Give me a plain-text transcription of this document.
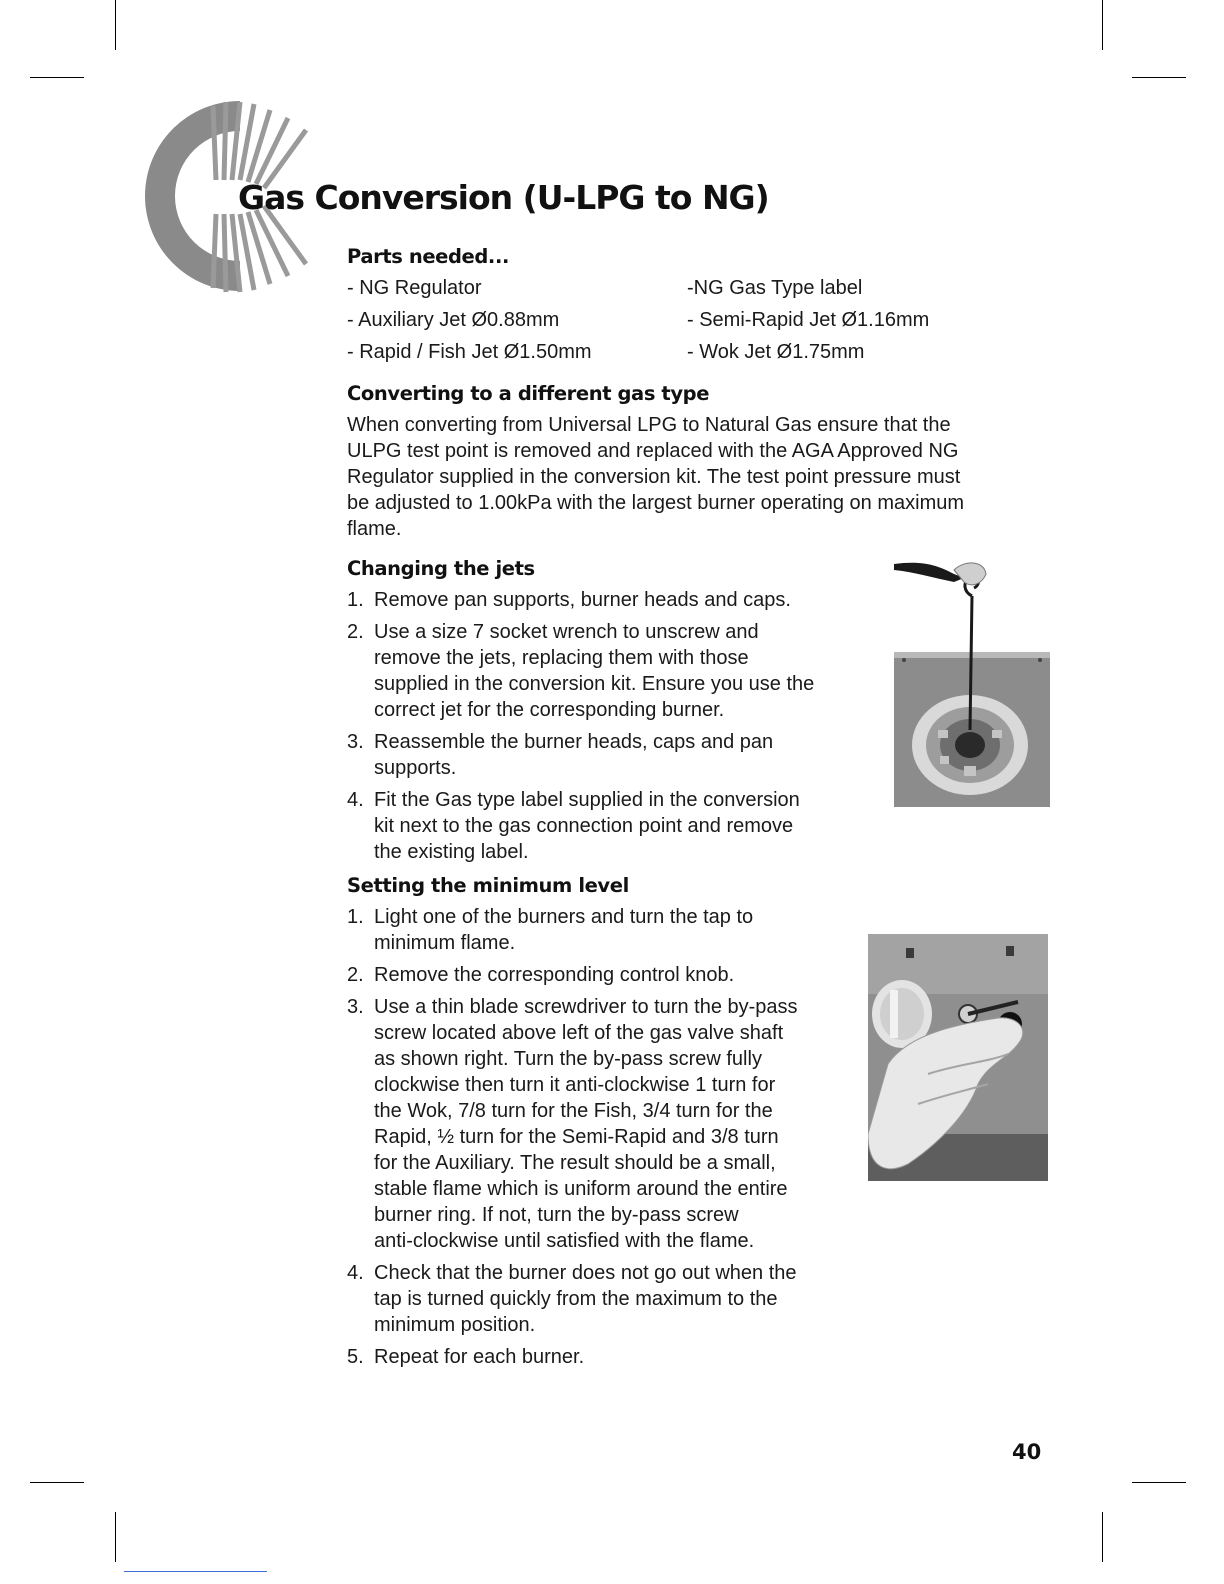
Gas Conversion (U-LPG to NG)
Parts needed...
- NG Regulator
- Auxiliary Jet Ø0.88mm
- Rapid / Fish Jet Ø1.50mm
-NG Gas Type label
- Semi-Rapid Jet Ø1.16mm
- Wok Jet Ø1.75mm
Converting to a different gas type

When converting from Universal LPG to Natural Gas ensure that the
ULPG test point is removed and replaced with the AGA Approved NG
Regulator supplied in the conversion kit. The test point pressure must
be adjusted to 1.00kPa with the largest burner operating on maximum
flame.

Changing the jets
1. Remove pan supports, burner heads and caps.
2. Use a size 7 socket wrench to unscrew and
remove the jets, replacing them with those
supplied in the conversion kit. Ensure you use the
correct jet for the corresponding burner.
3. Reassemble the burner heads, caps and pan
supports.
4. Fit the Gas type label supplied in the conversion
kit next to the gas connection point and remove
the existing label.
Setting the minimum level
1. Light one of the burners and turn the tap to
minimum flame.
2. Remove the corresponding control knob.
3. Use a thin blade screwdriver to turn the by-pass
screw located above left of the gas valve shaft
as shown right. Turn the by-pass screw fully
clockwise then turn it anti-clockwise 1 turn for
the Wok, 7/8 turn for the Fish, 3/4 turn for the
Rapid, ½ turn for the Semi-Rapid and 3/8 turn
for the Auxiliary. The result should be a small,
stable flame which is uniform around the entire
burner ring. If not, turn the by-pass screw
anti-clockwise until satisfied with the flame.
4. Check that the burner does not go out when the
tap is turned quickly from the maximum to the
minimum position.
5. Repeat for each burner.
40
